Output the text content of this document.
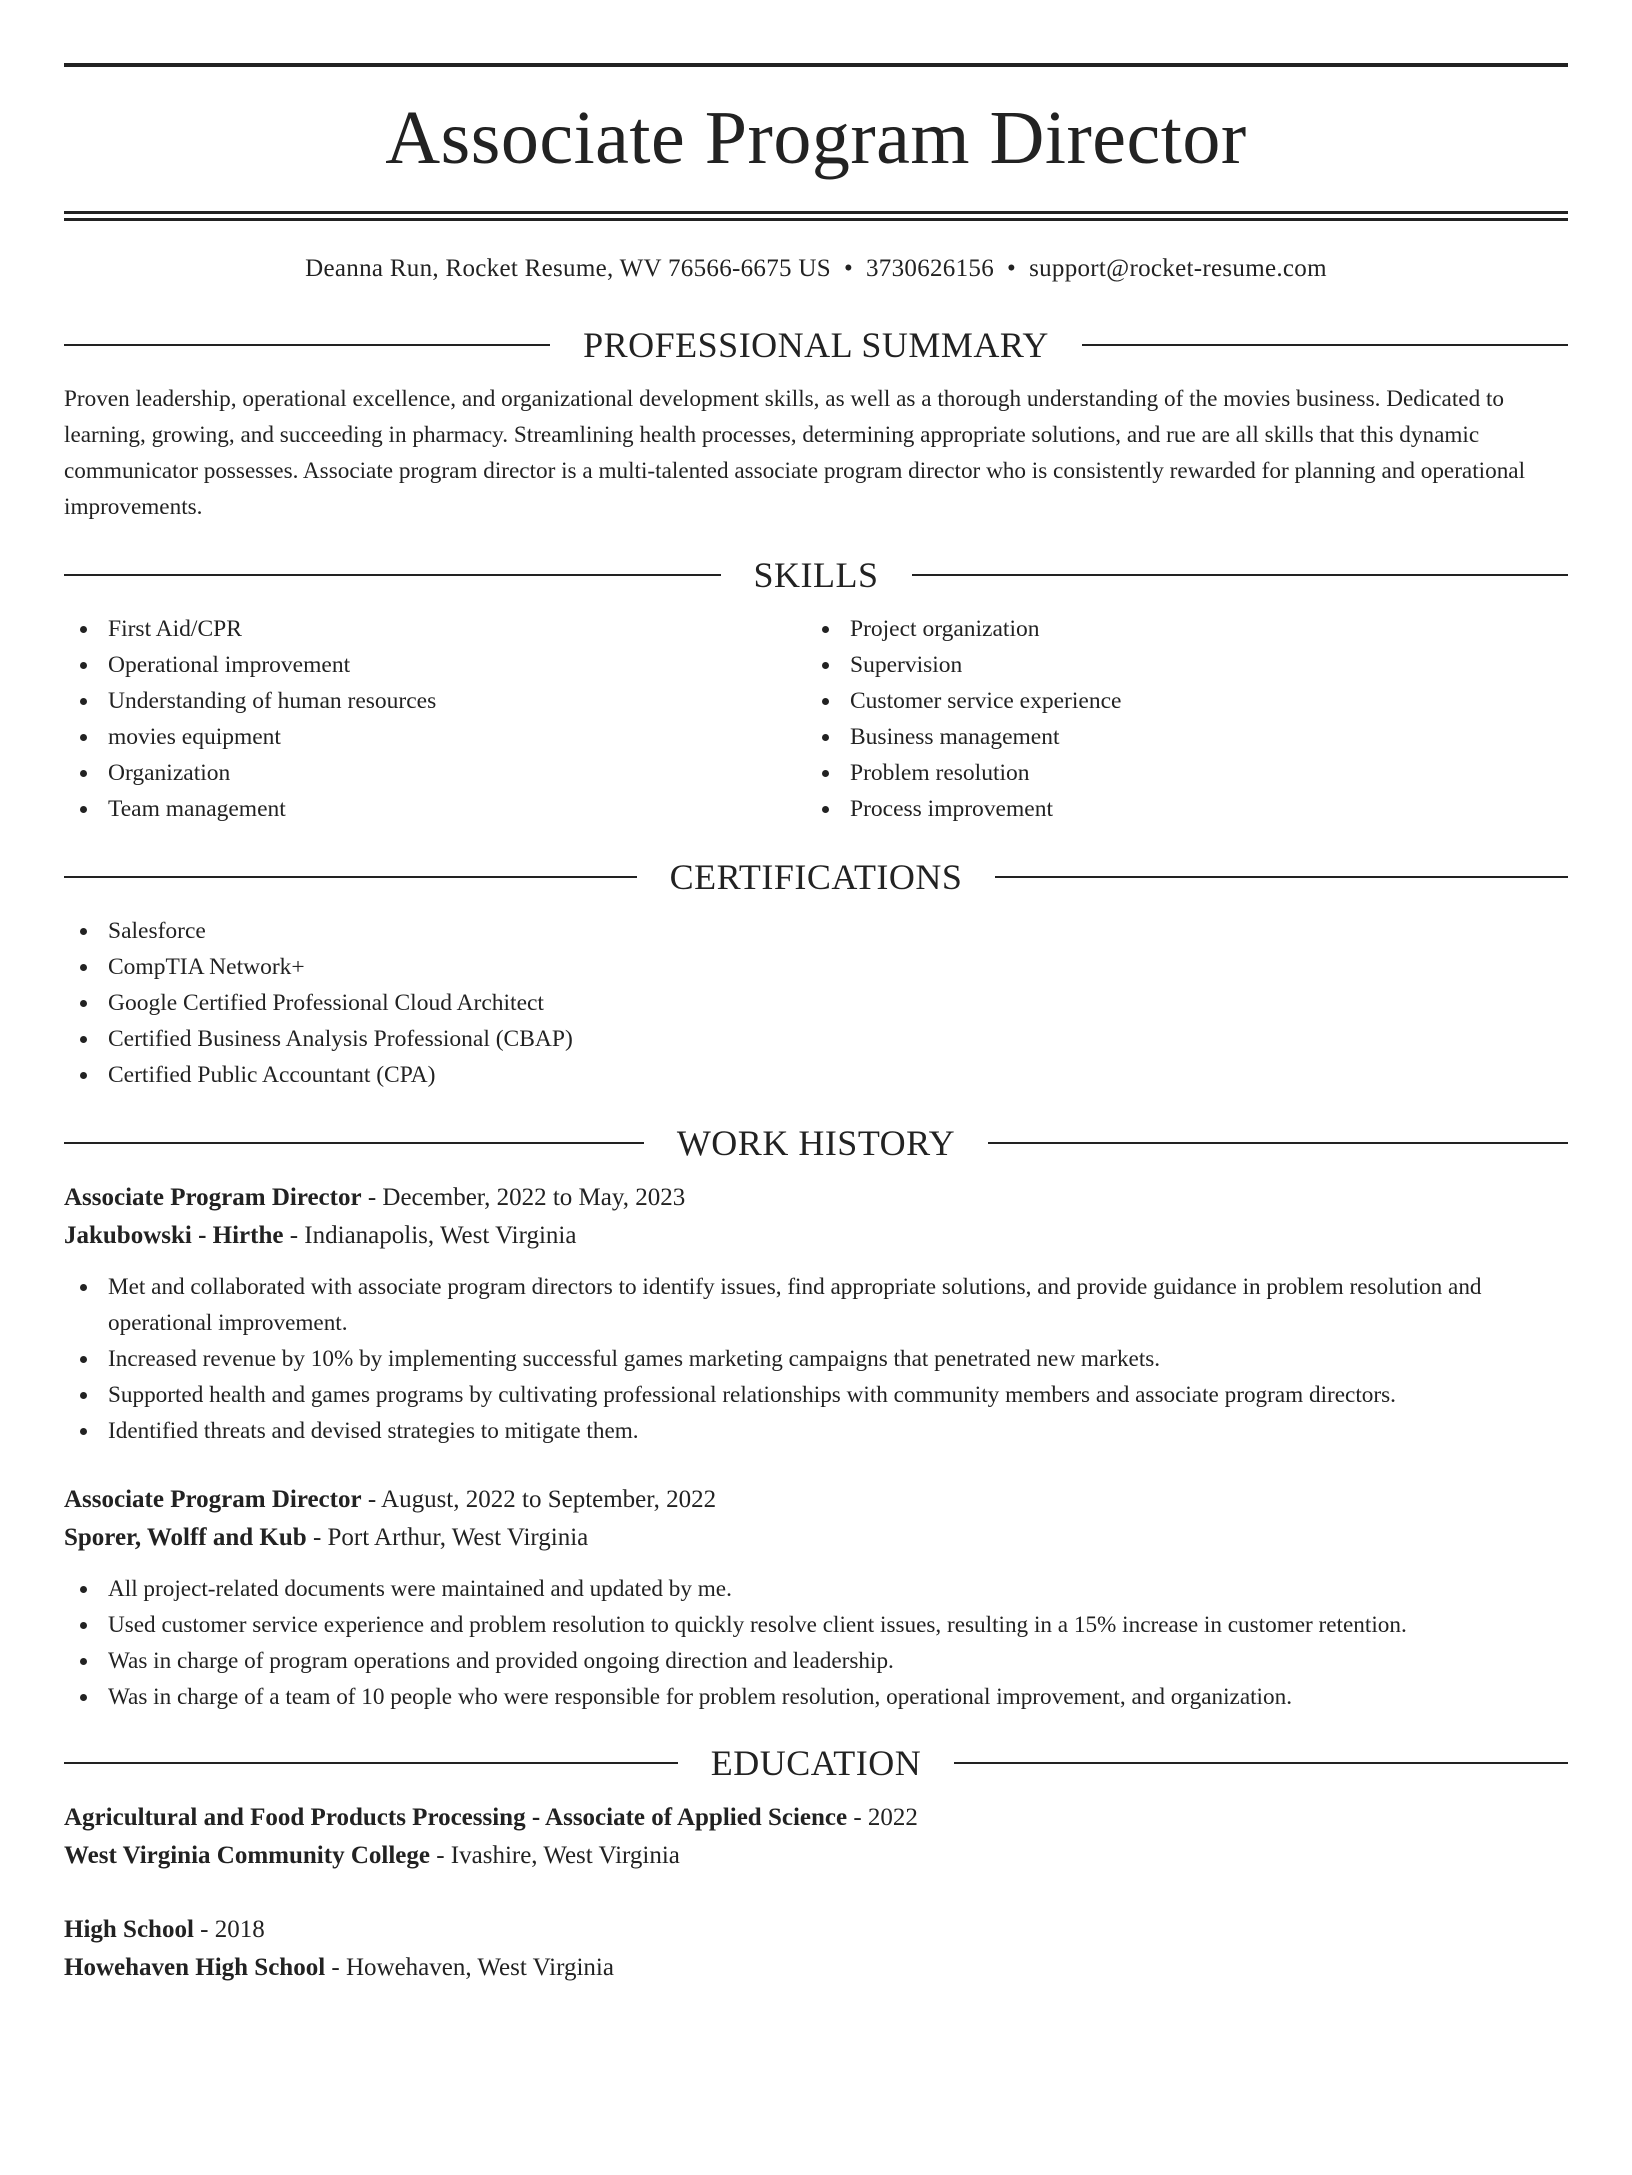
Associate Program Director
Deanna Run, Rocket Resume, WV 76566-6675 US • 3730626156 • support@rocket-resume.com
PROFESSIONAL SUMMARY

Proven leadership, operational excellence, and organizational development skills, as well as a thorough understanding of the movies business. Dedicated to learning, growing, and succeeding in pharmacy. Streamlining health processes, determining appropriate solutions, and rue are all skills that this dynamic communicator possesses. Associate program director is a multi-talented associate program director who is consistently rewarded for planning and operational improvements.

SKILLS
First Aid/CPR
Operational improvement
Understanding of human resources
movies equipment
Organization
Team management
Project organization
Supervision
Customer service experience
Business management
Problem resolution
Process improvement
CERTIFICATIONS
Salesforce
CompTIA Network+
Google Certified Professional Cloud Architect
Certified Business Analysis Professional (CBAP)
Certified Public Accountant (CPA)
WORK HISTORY
Associate Program Director - December, 2022 to May, 2023
Jakubowski - Hirthe - Indianapolis, West Virginia
Met and collaborated with associate program directors to identify issues, find appropriate solutions, and provide guidance in problem resolution and operational improvement.
Increased revenue by 10% by implementing successful games marketing campaigns that penetrated new markets.
Supported health and games programs by cultivating professional relationships with community members and associate program directors.
Identified threats and devised strategies to mitigate them.
Associate Program Director - August, 2022 to September, 2022
Sporer, Wolff and Kub - Port Arthur, West Virginia
All project-related documents were maintained and updated by me.
Used customer service experience and problem resolution to quickly resolve client issues, resulting in a 15% increase in customer retention.
Was in charge of program operations and provided ongoing direction and leadership.
Was in charge of a team of 10 people who were responsible for problem resolution, operational improvement, and organization.
EDUCATION
Agricultural and Food Products Processing - Associate of Applied Science - 2022
West Virginia Community College - Ivashire, West Virginia
High School - 2018
Howehaven High School - Howehaven, West Virginia
